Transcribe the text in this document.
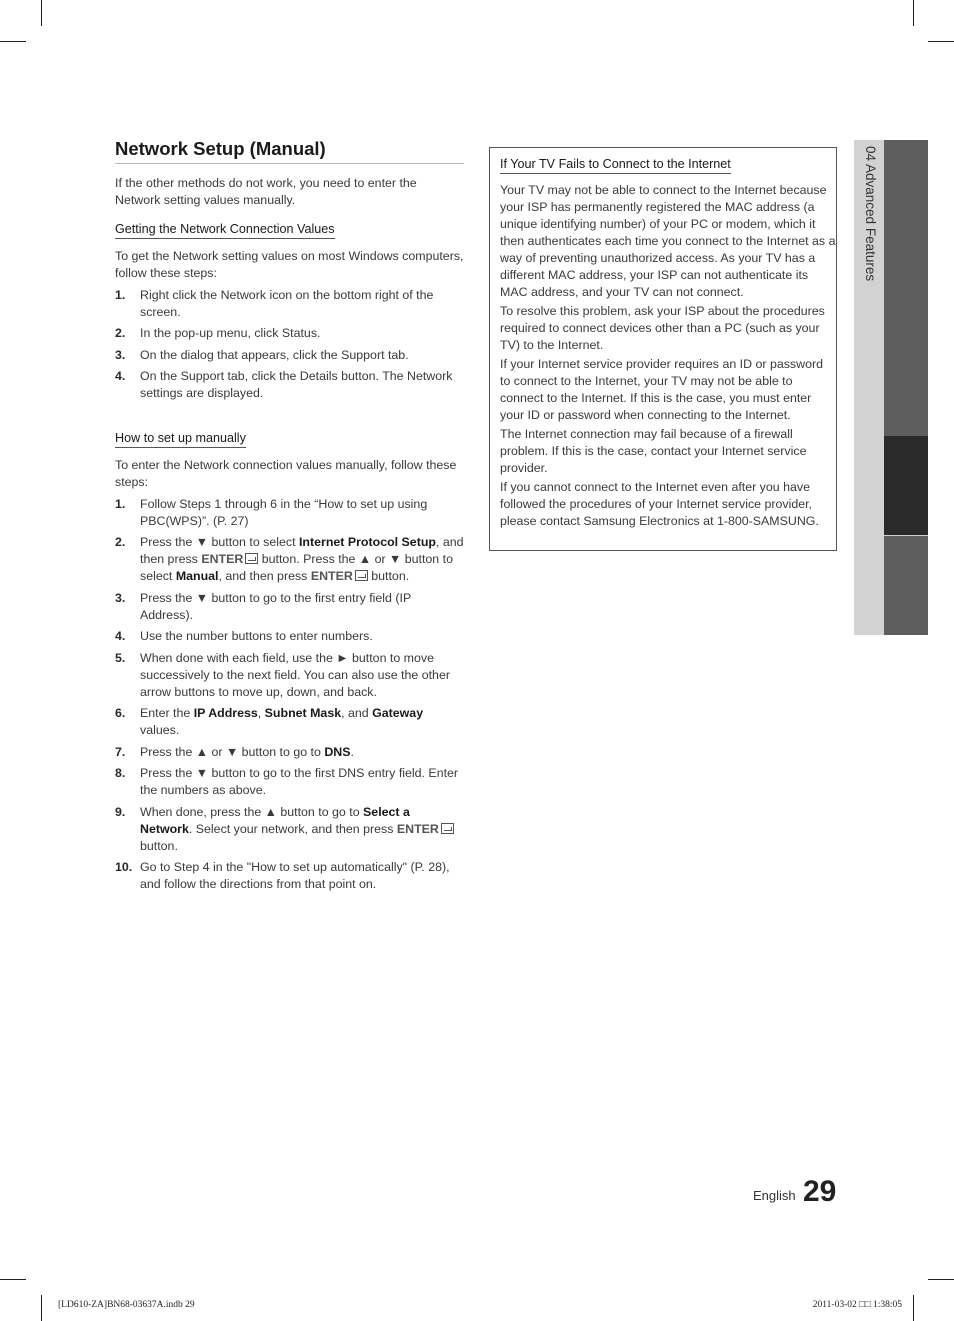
Network Setup (Manual)

If the other methods do not work, you need to enter the Network setting values manually.

Getting the Network Connection Values

To get the Network setting values on most Windows computers, follow these steps:

1.	Right click the Network icon on the bottom right of the screen.
2.	In the pop-up menu, click Status.
3.	On the dialog that appears, click the Support tab.
4.	On the Support tab, click the Details button. The Network settings are displayed.
How to set up manually

To enter the Network connection values manually, follow these steps:

1.	Follow Steps 1 through 6 in the “How to set up using PBC(WPS)”. (P. 27)
2.	Press the ▼ button to select Internet Protocol Setup, and then press ENTER button. Press the ▲ or ▼ button to select Manual, and then press ENTER button.
3.	Press the ▼ button to go to the first entry field (IP Address).
4.	Use the number buttons to enter numbers.
5.	When done with each field, use the ► button to move successively to the next field. You can also use the other arrow buttons to move up, down, and back.
6.	Enter the IP Address, Subnet Mask, and Gateway values.
7.	Press the ▲ or ▼ button to go to DNS.
8.	Press the ▼ button to go to the first DNS entry field. Enter the numbers as above.
9.	When done, press the ▲ button to go to Select a Network. Select your network, and then press ENTER button.
10. Go to Step 4 in the "How to set up automatically" (P. 28), and follow the directions from that point on.
If Your TV Fails to Connect to the Internet

Your TV may not be able to connect to the Internet because your ISP has permanently registered the MAC address (a unique identifying number) of your PC or modem, which it then authenticates each time you connect to the Internet as a way of preventing unauthorized access. As your TV has a different MAC address, your ISP can not authenticate its MAC address, and your TV can not connect.

To resolve this problem, ask your ISP about the procedures required to connect devices other than a PC (such as your TV) to the Internet.

If your Internet service provider requires an ID or password to connect to the Internet, your TV may not be able to connect to the Internet. If this is the case, you must enter your ID or password when connecting to the Internet.

The Internet connection may fail because of a firewall problem. If this is the case, contact your Internet service provider.

If you cannot connect to the Internet even after you have followed the procedures of your Internet service provider, please contact Samsung Electronics at 1-800-SAMSUNG.

04 Advanced Features
English 29
[LD610-ZA]BN68-03637A.indb 29	2011-03-02 □□ 1:38:05
